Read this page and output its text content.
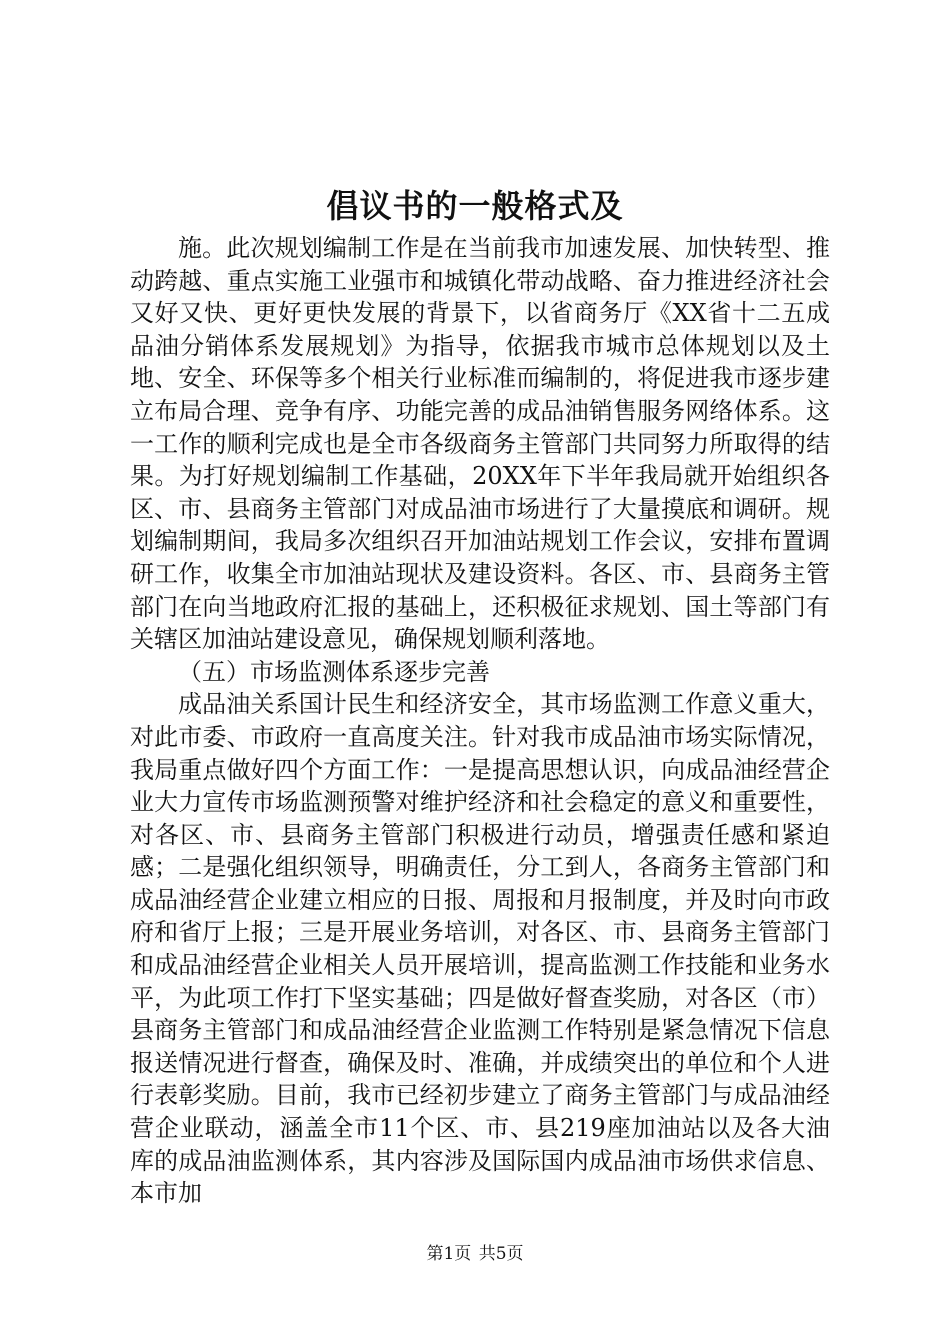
倡议书的一般格式及

施。此次规划编制工作是在当前我市加速发展、加快转型、推动跨越、重点实施工业强市和城镇化带动战略、奋力推进经济社会又好又快、更好更快发展的背景下，以省商务厅《XX省十二五成品油分销体系发展规划》为指导，依据我市城市总体规划以及土地、安全、环保等多个相关行业标准而编制的，将促进我市逐步建立布局合理、竞争有序、功能完善的成品油销售服务网络体系。这一工作的顺利完成也是全市各级商务主管部门共同努力所取得的结果。为打好规划编制工作基础，20XX年下半年我局就开始组织各区、市、县商务主管部门对成品油市场进行了大量摸底和调研。规划编制期间，我局多次组织召开加油站规划工作会议，安排布置调研工作，收集全市加油站现状及建设资料。各区、市、县商务主管部门在向当地政府汇报的基础上，还积极征求规划、国土等部门有关辖区加油站建设意见，确保规划顺利落地。

（五）市场监测体系逐步完善

成品油关系国计民生和经济安全，其市场监测工作意义重大，对此市委、市政府一直高度关注。针对我市成品油市场实际情况，我局重点做好四个方面工作：一是提高思想认识，向成品油经营企业大力宣传市场监测预警对维护经济和社会稳定的意义和重要性，对各区、市、县商务主管部门积极进行动员，增强责任感和紧迫感；二是强化组织领导，明确责任，分工到人，各商务主管部门和成品油经营企业建立相应的日报、周报和月报制度，并及时向市政府和省厅上报；三是开展业务培训，对各区、市、县商务主管部门和成品油经营企业相关人员开展培训，提高监测工作技能和业务水平，为此项工作打下坚实基础；四是做好督查奖励，对各区（市）县商务主管部门和成品油经营企业监测工作特别是紧急情况下信息报送情况进行督查，确保及时、准确，并成绩突出的单位和个人进行表彰奖励。目前，我市已经初步建立了商务主管部门与成品油经营企业联动，涵盖全市11个区、市、县219座加油站以及各大油库的成品油监测体系，其内容涉及国际国内成品油市场供求信息、本市加

第1页 共5页
